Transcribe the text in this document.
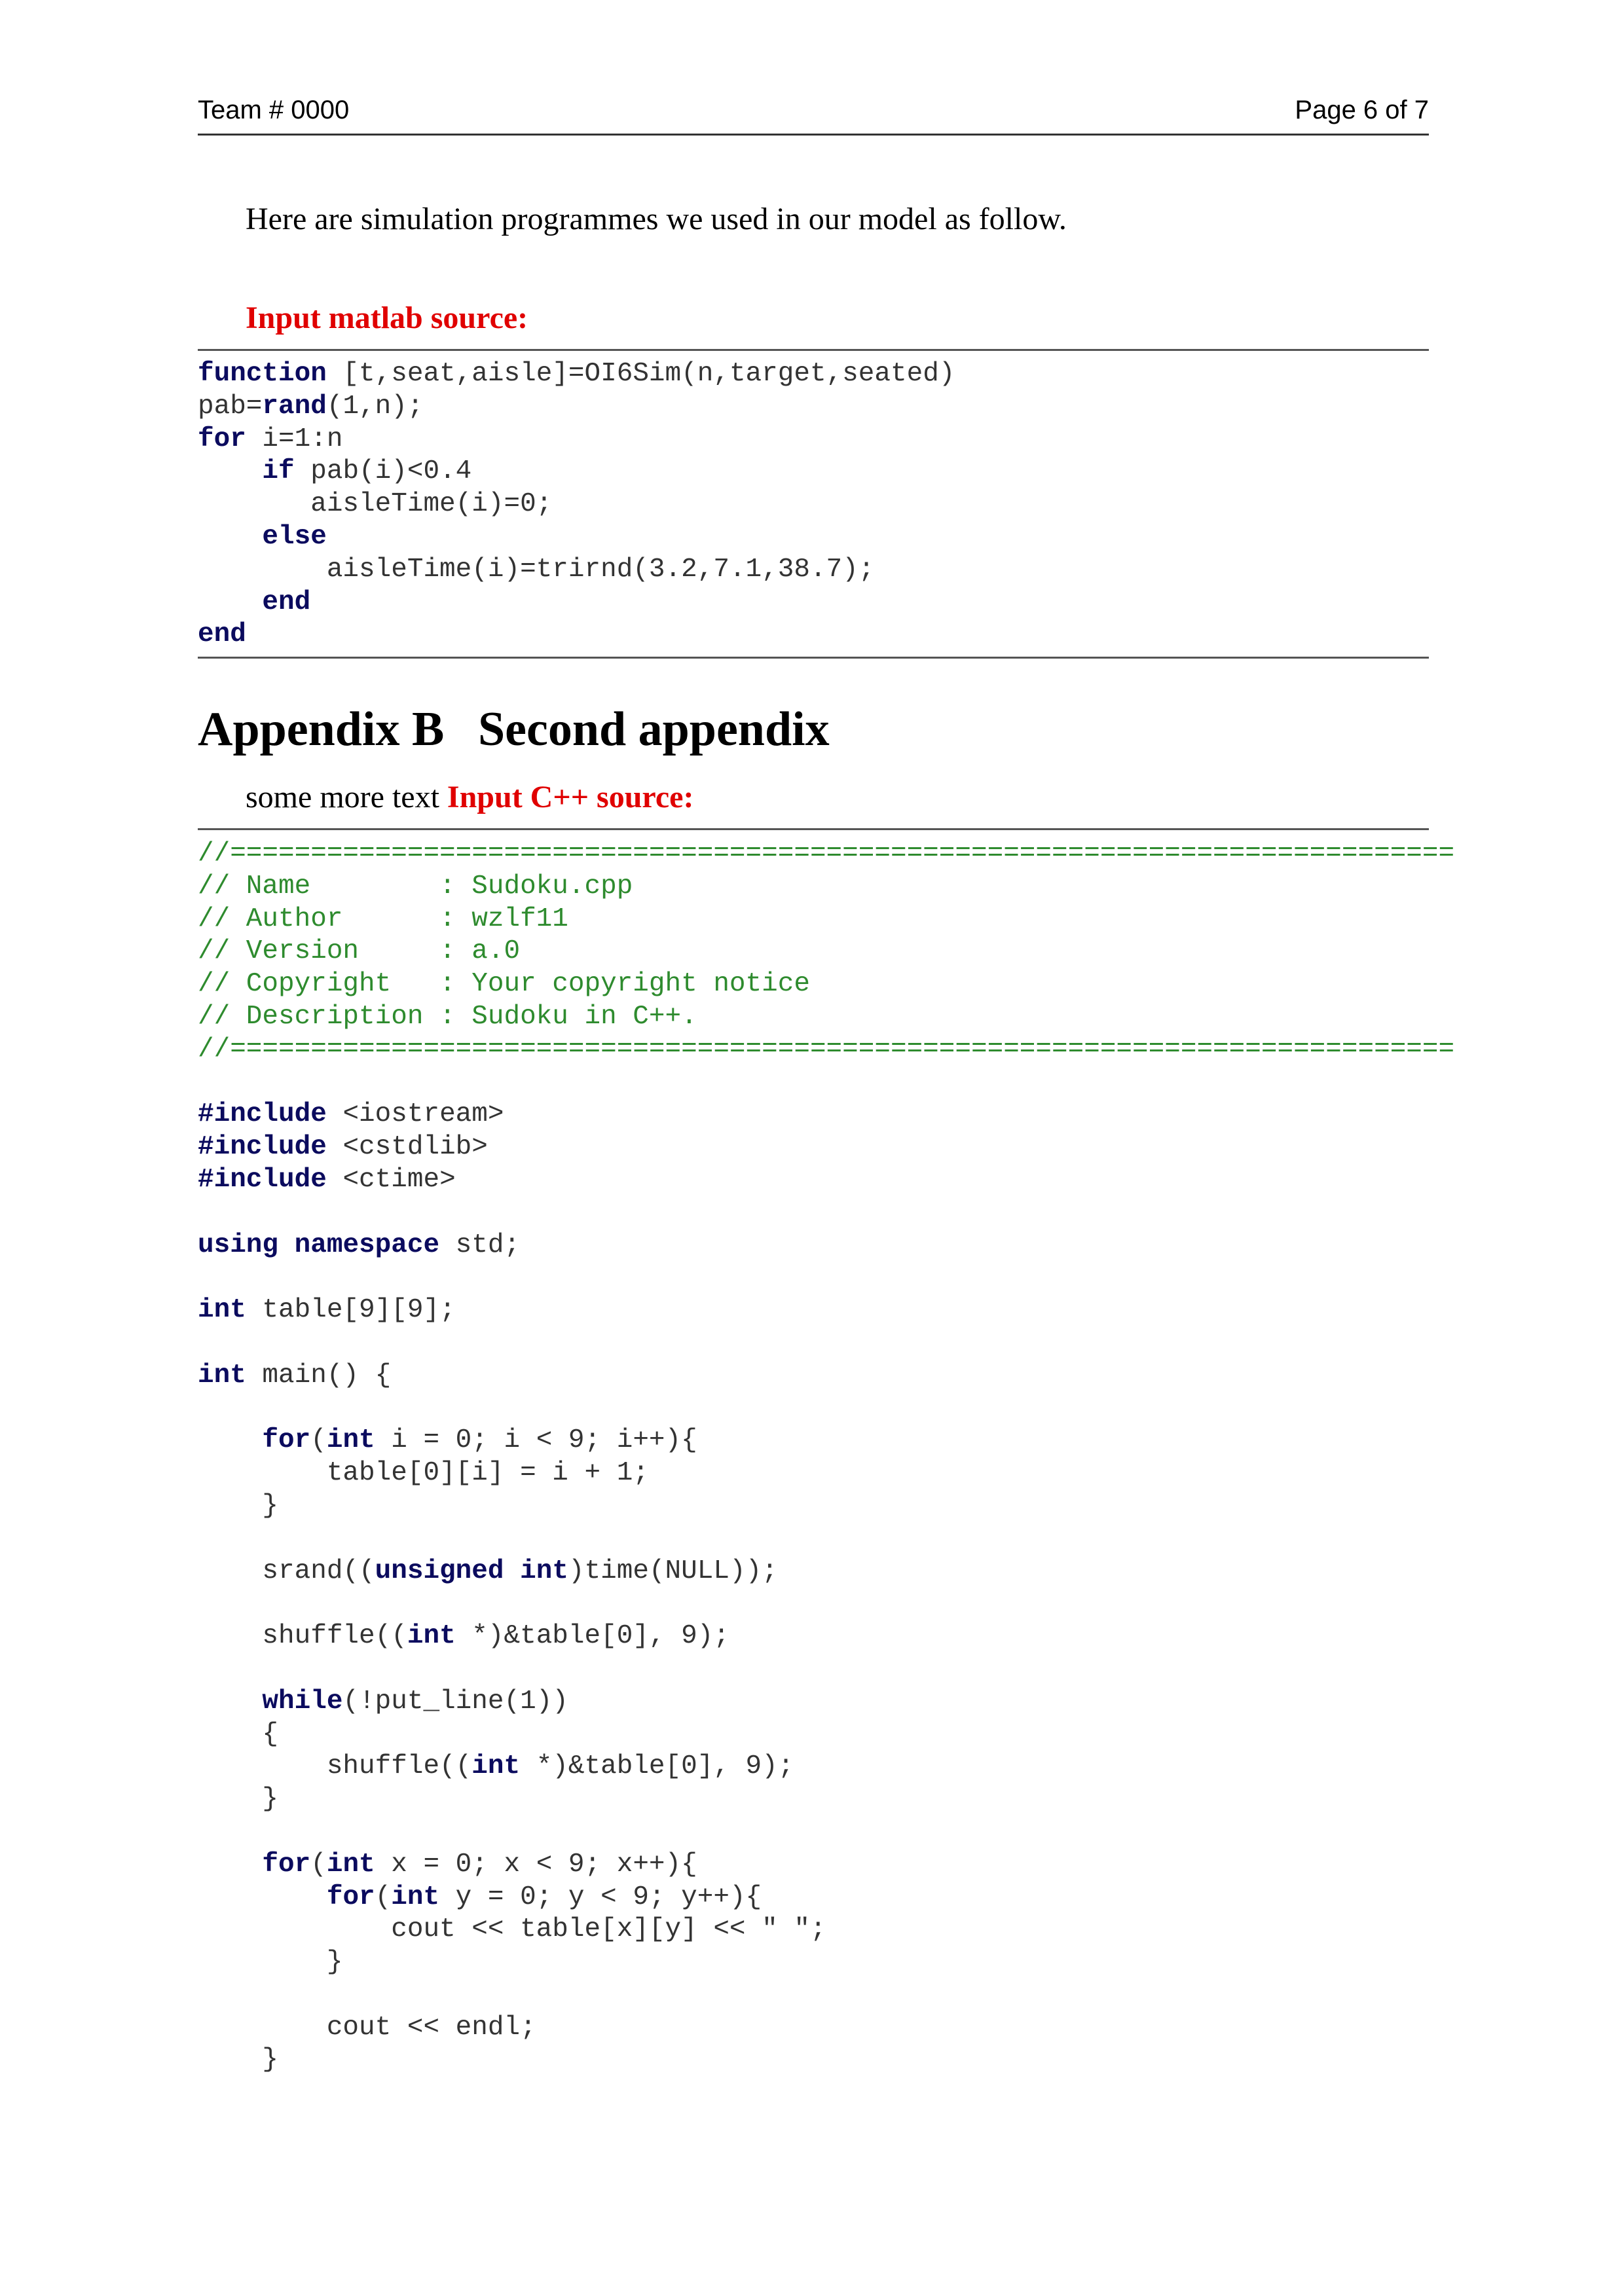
Team # 0000	Page 6 of 7
Here are simulation programmes we used in our model as follow.
Input matlab source:
function [t,seat,aisle]=OI6Sim(n,target,seated)
pab=rand(1,n);
for i=1:n
if pab(i)<0.4
aisleTime(i)=0;
else
aisleTime(i)=trirnd(3.2,7.1,38.7);
end
end
Appendix B Second appendix
some more text Input C++ source:
//============================================================================
// Name        : Sudoku.cpp
// Author      : wzlf11
// Version     : a.0
// Copyright   : Your copyright notice
// Description : Sudoku in C++.
//============================================================================
#include <iostream>
#include <cstdlib>
#include <ctime>
using namespace std;
int table[9][9];
int main() {
for(int i = 0; i < 9; i++){
table[0][i] = i + 1;
}
srand((unsigned int)time(NULL));
shuffle((int *)&table[0], 9);
while(!put_line(1))
{
shuffle((int *)&table[0], 9);
}
for(int x = 0; x < 9; x++){
for(int y = 0; y < 9; y++){
cout << table[x][y] << " ";
}
cout << endl;
}
